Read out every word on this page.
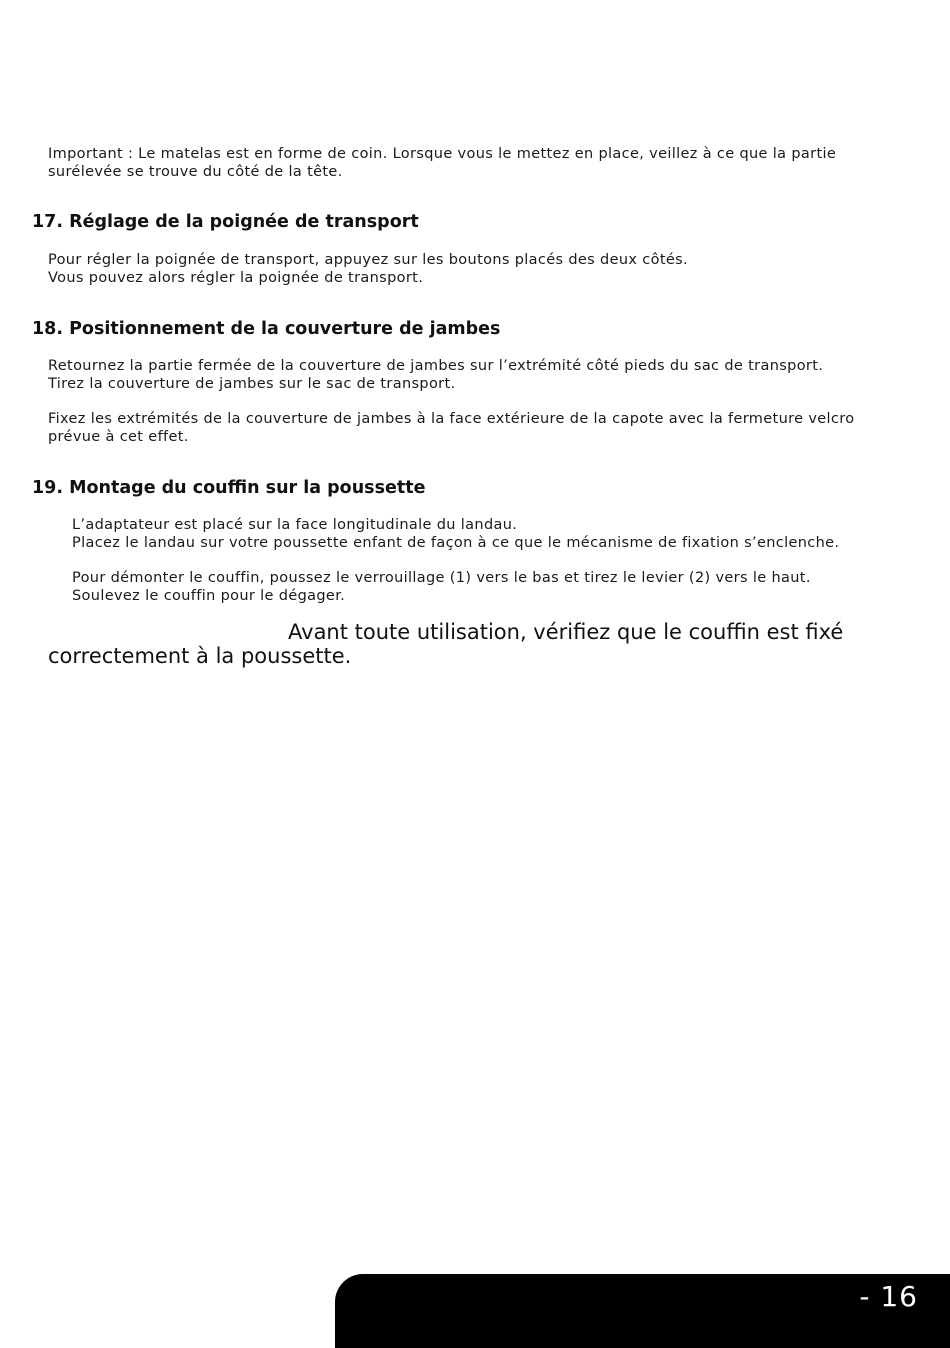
Important : Le matelas est en forme de coin. Lorsque vous le mettez en place, veillez à ce que la partie
surélevée se trouve du côté de la tête.

17. Réglage de la poignée de transport

Pour régler la poignée de transport, appuyez sur les boutons placés des deux côtés.
Vous pouvez alors régler la poignée de transport.

18. Positionnement de la couverture de jambes

Retournez la partie fermée de la couverture de jambes sur l’extrémité côté pieds du sac de transport.
Tirez la couverture de jambes sur le sac de transport.

Fixez les extrémités de la couverture de jambes à la face extérieure de la capote avec la fermeture velcro
prévue à cet effet.

19. Montage du couffin sur la poussette

L’adaptateur est placé sur la face longitudinale du landau.
Placez le landau sur votre poussette enfant de façon à ce que le mécanisme de fixation s’enclenche.

Pour démonter le couffin, poussez le verrouillage (1) vers le bas et tirez le levier (2) vers le haut.
Soulevez le couffin pour le dégager.

Avant toute utilisation, vérifiez que le couffin est fixé
correctement à la poussette.

- 16
